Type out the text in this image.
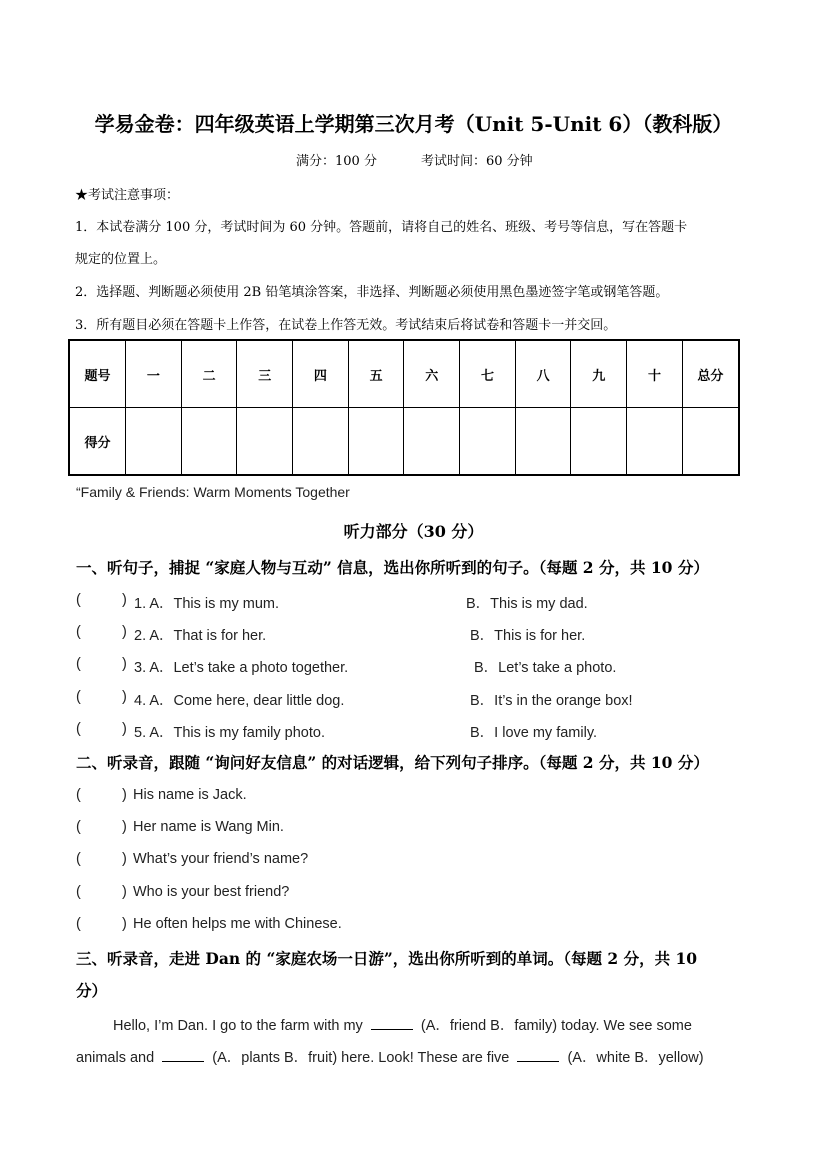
学易金卷：四年级英语上学期第三次月考（Unit 5-Unit 6）（教科版）
满分：100 分	考试时间：60 分钟
★考试注意事项：
1．本试卷满分 100 分，考试时间为 60 分钟。答题前，请将自己的姓名、班级、考号等信息，写在答题卡
规定的位置上。
2．选择题、判断题必须使用 2B 铅笔填涂答案，非选择、判断题必须使用黑色墨迹签字笔或钢笔答题。
3．所有题目必须在答题卡上作答，在试卷上作答无效。考试结束后将试卷和答题卡一并交回。
题号	一	二	三	四	五	六	七	八	九	十	总分
得分											
“Family & Friends: Warm Moments Together
听力部分（30 分）
一、听句子，捕捉 “家庭人物与互动” 信息，选出你所听到的句子。（每题 2 分，共 10 分）
(	) 1. A．This is my mum.	B．This is my dad.
(	) 2. A．That is for her.	B．This is for her.
(	) 3. A．Let’s take a photo together.	B．Let’s take a photo.
(	) 4. A．Come here, dear little dog.	B．It’s in the orange box!
(	) 5. A．This is my family photo.	B．I love my family.
二、听录音，跟随 “询问好友信息” 的对话逻辑，给下列句子排序。（每题 2 分，共 10 分）
(	) His name is Jack.
(	) Her name is Wang Min.
(	) What’s your friend’s name?
(	) Who is your best friend?
(	) He often helps me with Chinese.
三、听录音，走进 Dan 的 “家庭农场一日游”，选出你所听到的单词。（每题 2 分，共 10
分）
Hello, I’m Dan. I go to the farm with my	(A．friend B．family) today. We see some
animals and	(A．plants B．fruit) here. Look! These are five	(A．white B．yellow)
